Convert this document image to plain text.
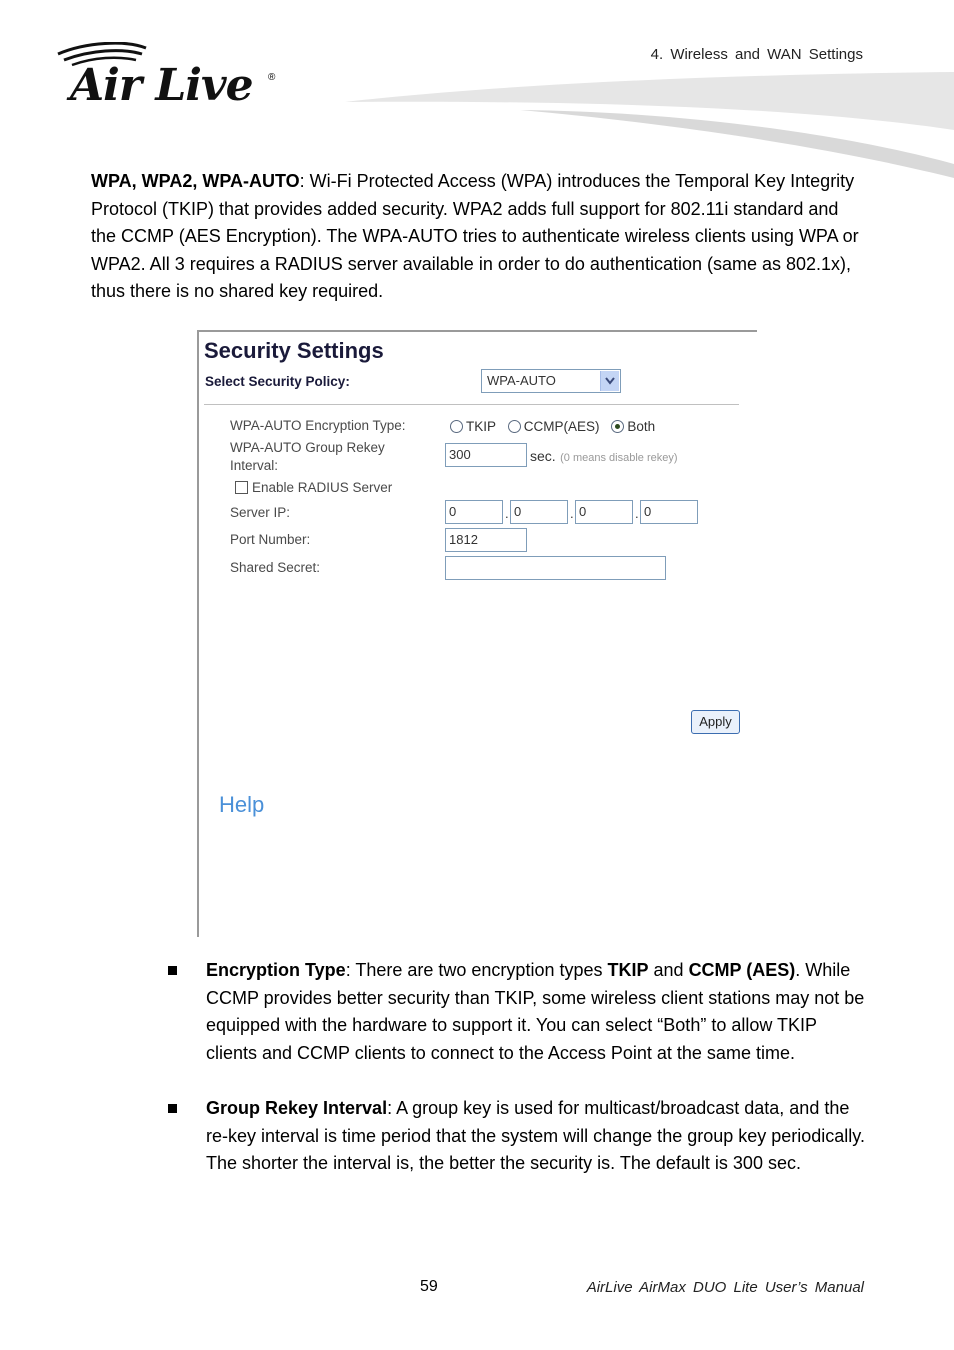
Air Live ®
4. Wireless and WAN Settings
WPA, WPA2, WPA-AUTO: Wi-Fi Protected Access (WPA) introduces the Temporal Key Integrity Protocol (TKIP) that provides added security. WPA2 adds full support for 802.11i standard and the CCMP (AES Encryption). The WPA-AUTO tries to authenticate wireless clients using WPA or WPA2. All 3 requires a RADIUS server available in order to do authentication (same as 802.1x), thus there is no shared key required.
Security Settings
Select Security Policy:	WPA-AUTO
WPA-AUTO Encryption Type:	TKIP CCMP(AES) Both
WPA-AUTO Group Rekey
Interval:
300	sec. (0 means disable rekey)
Enable RADIUS Server
Server IP:	0	. 0	. 0	. 0
Port Number:	1812
Shared Secret:
Apply
Help
Encryption Type: There are two encryption types TKIP and CCMP (AES). While CCMP provides better security than TKIP, some wireless client stations may not be equipped with the hardware to support it. You can select “Both” to allow TKIP clients and CCMP clients to connect to the Access Point at the same time.
Group Rekey Interval: A group key is used for multicast/broadcast data, and the re-key interval is time period that the system will change the group key periodically. The shorter the interval is, the better the security is. The default is 300 sec.
59	AirLive AirMax DUO Lite User’s Manual
